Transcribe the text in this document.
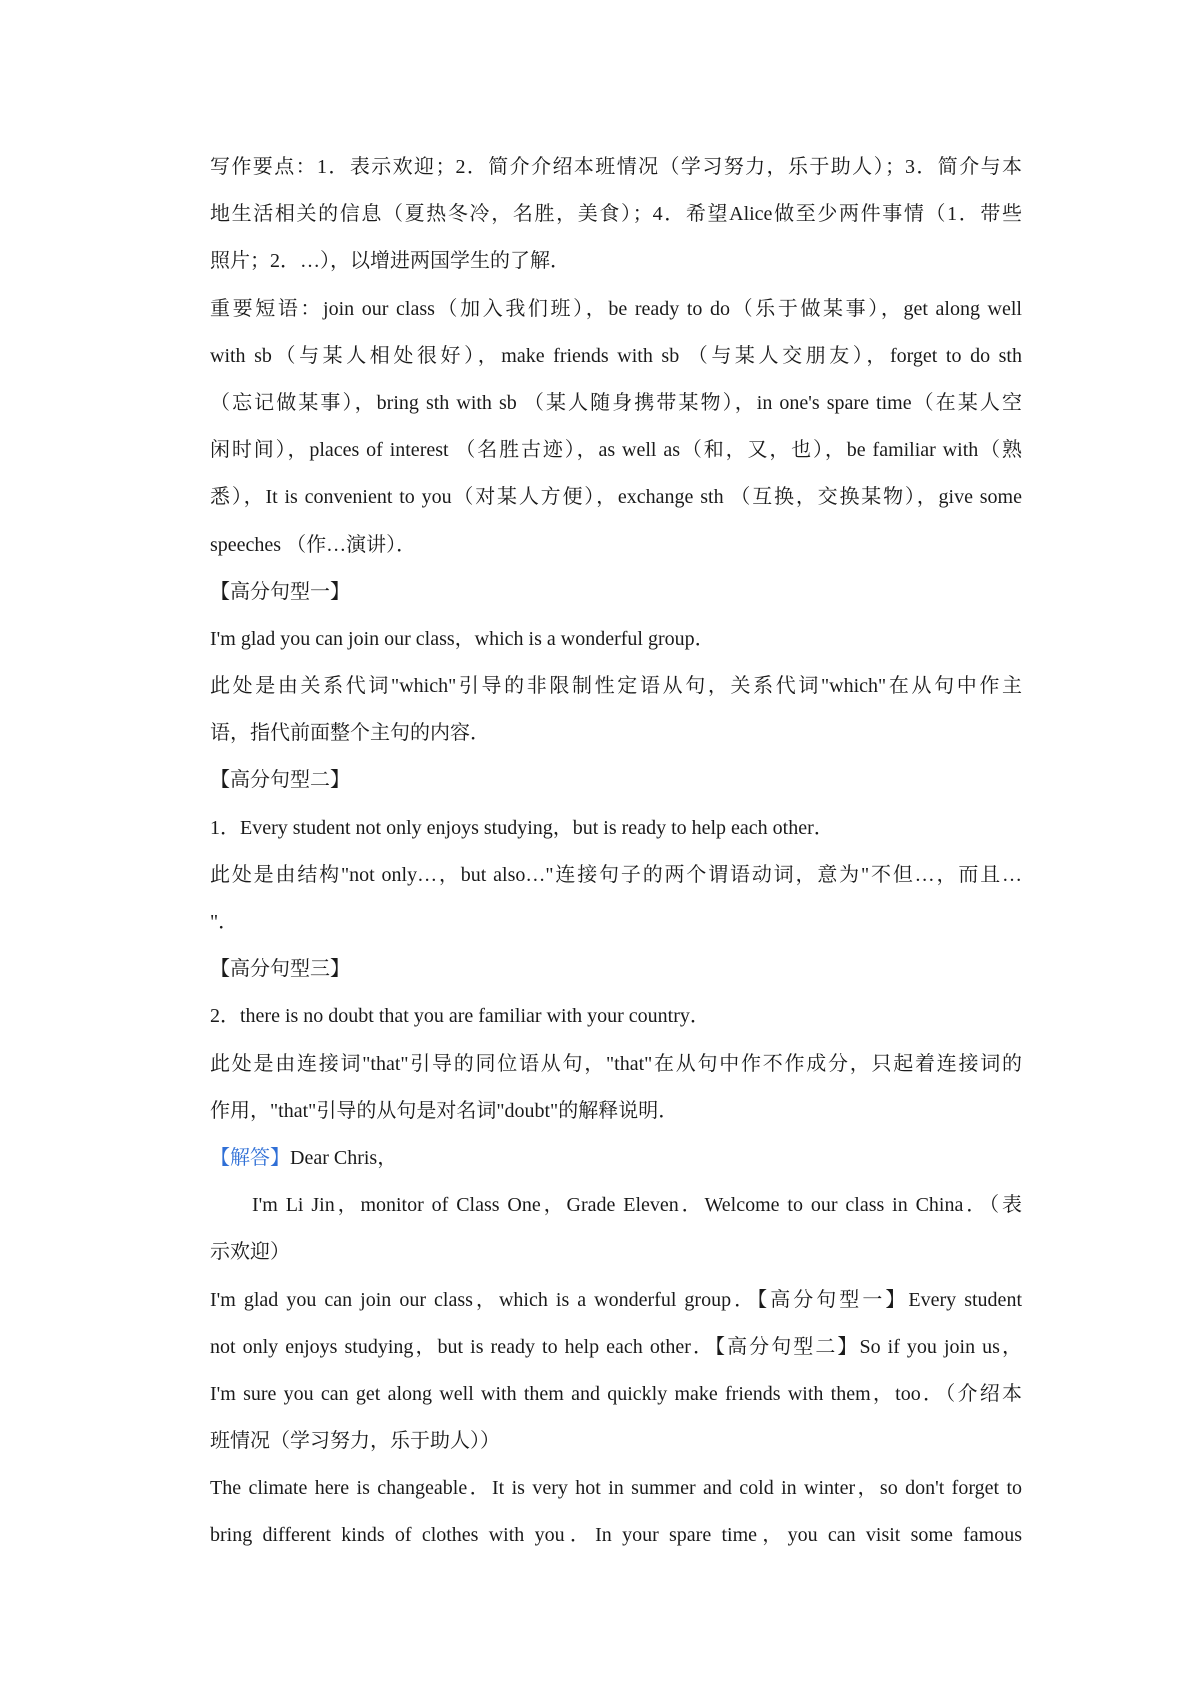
写作要点：1．表示欢迎；2．简介介绍本班情况（学习努力，乐于助人）；3．简介与本
地生活相关的信息（夏热冬冷，名胜，美食）；4．希望Alice做至少两件事情（1．带些
照片；2．…），以增进两国学生的了解．
重要短语：join our class（加入我们班），be ready to do（乐于做某事），get along well
with sb（与某人相处很好），make friends with sb （与某人交朋友），forget to do sth
（忘记做某事），bring sth with sb （某人随身携带某物），in one's spare time（在某人空
闲时间），places of interest （名胜古迹），as well as（和，又，也），be familiar with（熟
悉），It is convenient to you（对某人方便），exchange sth （互换，交换某物），give some
speeches （作…演讲）．
【高分句型一】
I'm glad you can join our class，which is a wonderful group．
此处是由关系代词"which"引导的非限制性定语从句，关系代词"which"在从句中作主
语，指代前面整个主句的内容．
【高分句型二】
1．Every student not only enjoys studying，but is ready to help each other．
此处是由结构"not only…，but also…"连接句子的两个谓语动词，意为"不但…，而且…
"．
【高分句型三】
2．there is no doubt that you are familiar with your country．
此处是由连接词"that"引导的同位语从句，"that"在从句中作不作成分，只起着连接词的
作用，"that"引导的从句是对名词"doubt"的解释说明．
【解答】Dear Chris，
I'm Li Jin，monitor of Class One，Grade Eleven．Welcome to our class in China．（表
示欢迎）
I'm glad you can join our class，which is a wonderful group．【高分句型一】Every student
not only enjoys studying，but is ready to help each other．【高分句型二】So if you join us，
I'm sure you can get along well with them and quickly make friends with them，too．（介绍本
班情况（学习努力，乐于助人））
The climate here is changeable．It is very hot in summer and cold in winter，so don't forget to
bring different kinds of clothes with you．In your spare time，you can visit some famous
